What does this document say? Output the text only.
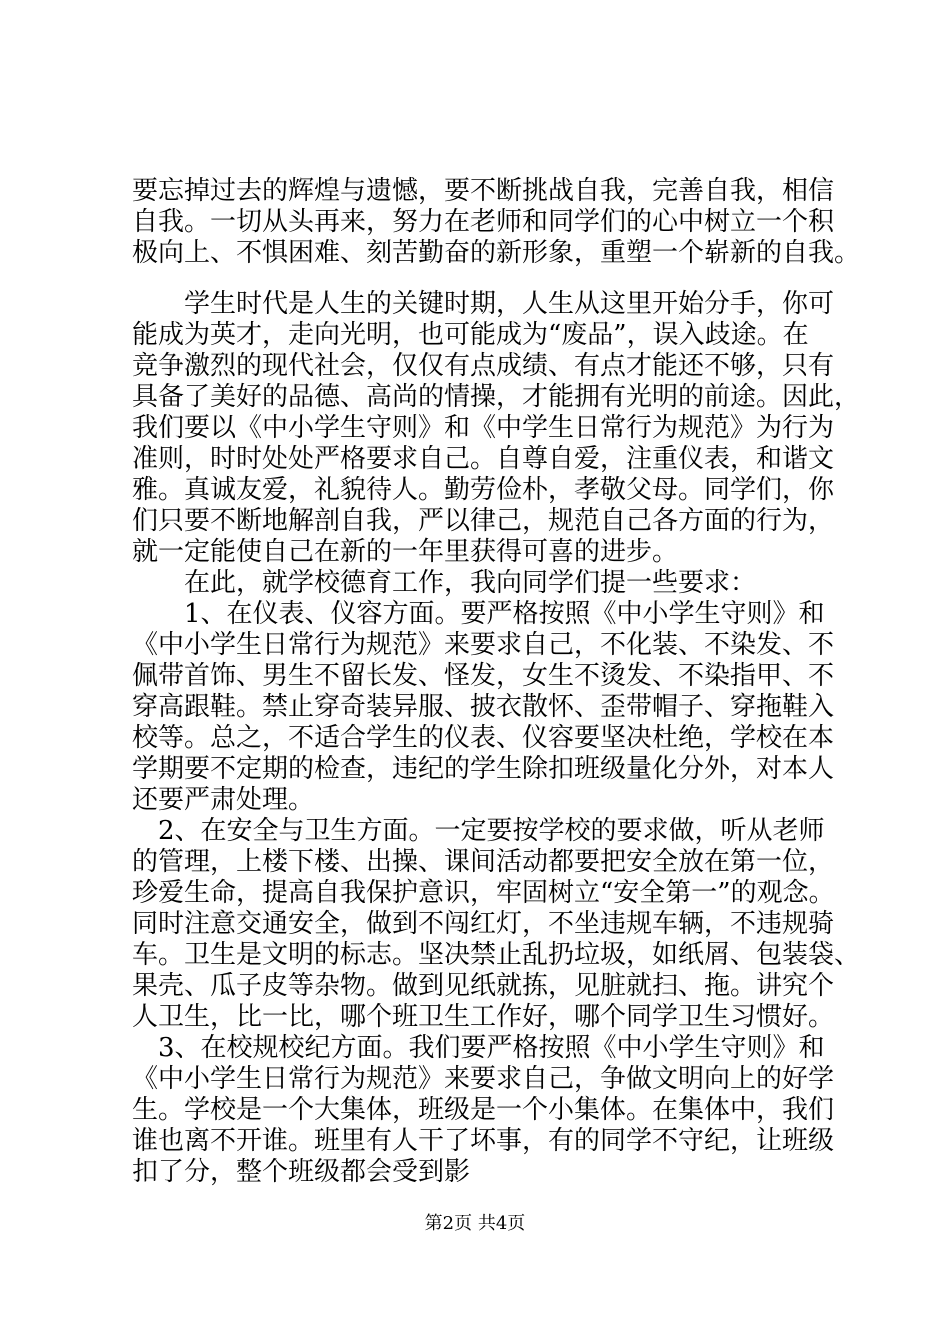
要忘掉过去的辉煌与遗憾，要不断挑战自我，完善自我，相信
自我。一切从头再来，努力在老师和同学们的心中树立一个积
极向上、不惧困难、刻苦勤奋的新形象，重塑一个崭新的自我。
　　学生时代是人生的关键时期，人生从这里开始分手，你可
能成为英才，走向光明，也可能成为“废品”，误入歧途。在
竞争激烈的现代社会，仅仅有点成绩、有点才能还不够，只有
具备了美好的品德、高尚的情操，才能拥有光明的前途。因此，
我们要以《中小学生守则》和《中学生日常行为规范》为行为
准则，时时处处严格要求自己。自尊自爱，注重仪表，和谐文
雅。真诚友爱，礼貌待人。勤劳俭朴，孝敬父母。同学们，你
们只要不断地解剖自我，严以律己，规范自己各方面的行为，
就一定能使自己在新的一年里获得可喜的进步。
　　在此，就学校德育工作，我向同学们提一些要求：
　　1、在仪表、仪容方面。要严格按照《中小学生守则》和
《中小学生日常行为规范》来要求自己，不化装、不染发、不
佩带首饰、男生不留长发、怪发，女生不烫发、不染指甲、不
穿高跟鞋。禁止穿奇装异服、披衣散怀、歪带帽子、穿拖鞋入
校等。总之，不适合学生的仪表、仪容要坚决杜绝，学校在本
学期要不定期的检查，违纪的学生除扣班级量化分外，对本人
还要严肃处理。
　2、在安全与卫生方面。一定要按学校的要求做，听从老师
的管理，上楼下楼、出操、课间活动都要把安全放在第一位，
珍爱生命，提高自我保护意识，牢固树立“安全第一”的观念。
同时注意交通安全，做到不闯红灯，不坐违规车辆，不违规骑
车。卫生是文明的标志。坚决禁止乱扔垃圾，如纸屑、包装袋、
果壳、瓜子皮等杂物。做到见纸就拣，见脏就扫、拖。讲究个
人卫生，比一比，哪个班卫生工作好，哪个同学卫生习惯好。
　3、在校规校纪方面。我们要严格按照《中小学生守则》和
《中小学生日常行为规范》来要求自己，争做文明向上的好学
生。学校是一个大集体，班级是一个小集体。在集体中，我们
谁也离不开谁。班里有人干了坏事，有的同学不守纪，让班级
扣了分，整个班级都会受到影
第2页 共4页
